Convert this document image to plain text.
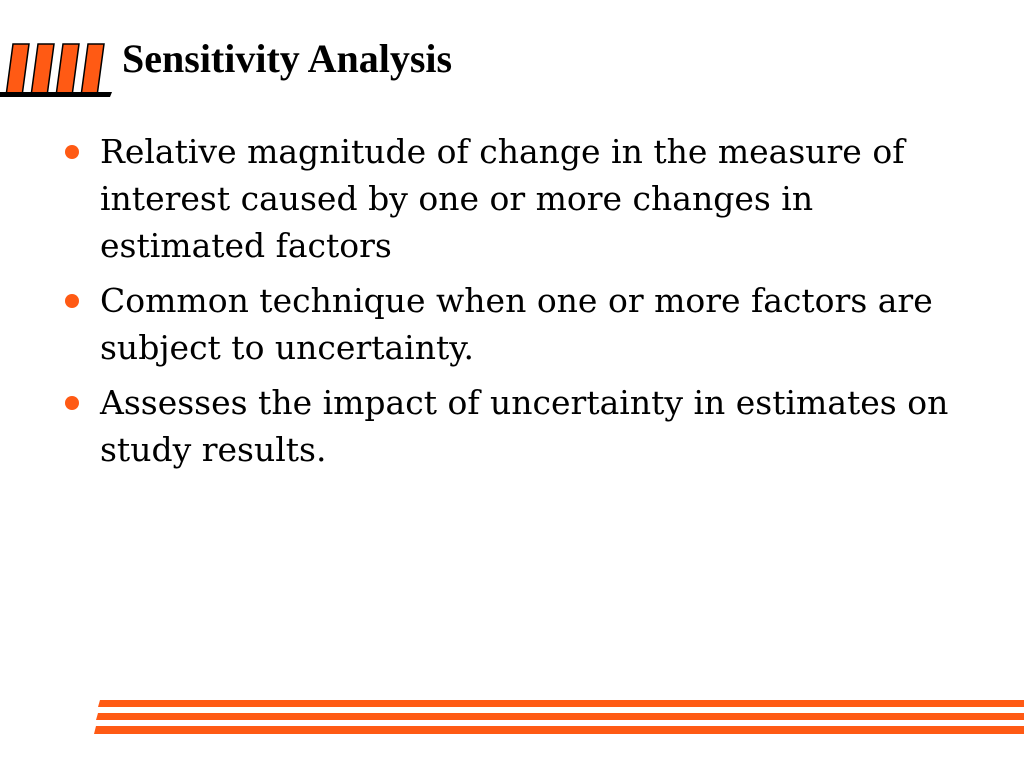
Sensitivity Analysis
Relative magnitude of change in the measure of interest caused by one or more changes in estimated factors
Common technique when one or more factors are subject to uncertainty.
Assesses the impact of uncertainty in estimates on study results.
